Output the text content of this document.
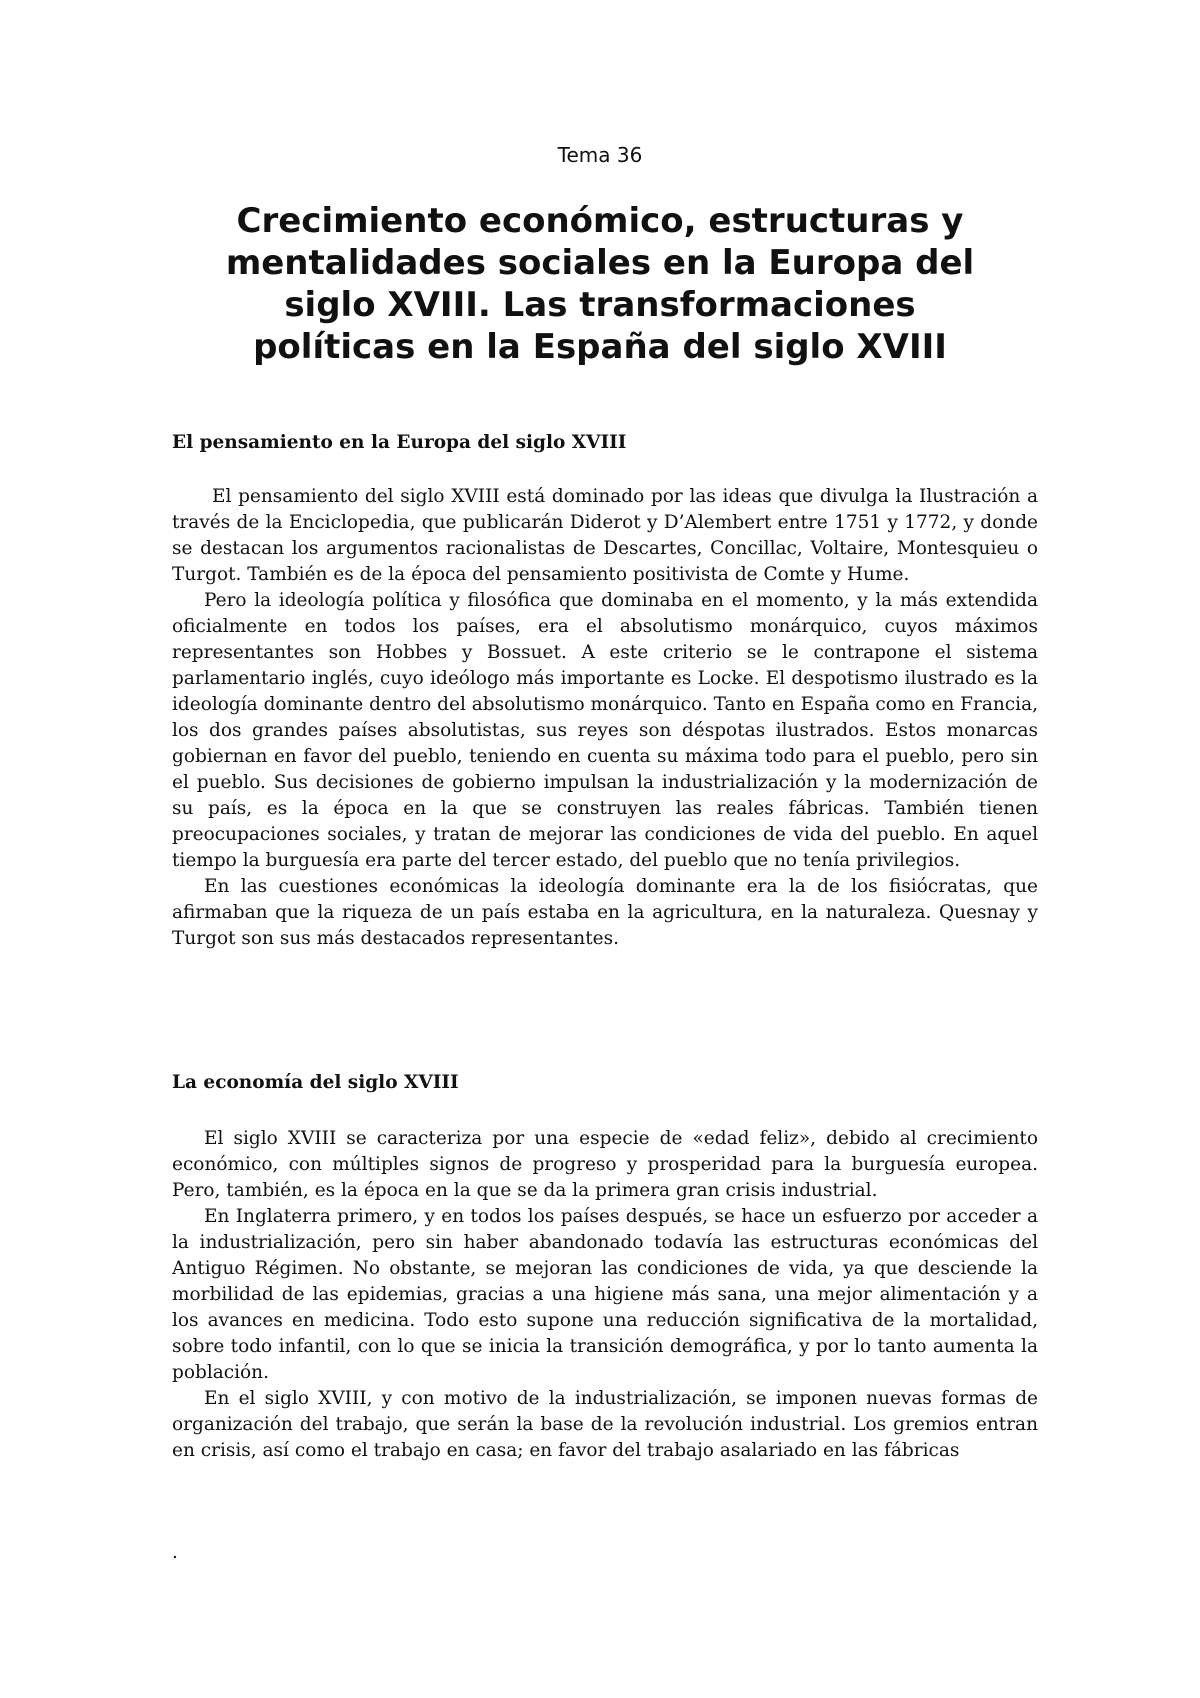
Tema 36

Crecimiento económico, estructuras y
mentalidades sociales en la Europa del
siglo XVIII. Las transformaciones
políticas en la España del siglo XVIII
El pensamiento en la Europa del siglo XVIII

El pensamiento del siglo XVIII está dominado por las ideas que divulga la Ilustración a través de la Enciclopedia, que publicarán Diderot y D’Alembert entre 1751 y 1772, y donde se destacan los argumentos racionalistas de Descartes, Concillac, Voltaire, Montesquieu o Turgot. También es de la época del pensamiento positivista de Comte y Hume.

Pero la ideología política y filosófica que dominaba en el momento, y la más extendida oficialmente en todos los países, era el absolutismo monárquico, cuyos máximos representantes son Hobbes y Bossuet. A este criterio se le contrapone el sistema parlamentario inglés, cuyo ideólogo más importante es Locke. El despotismo ilustrado es la ideología dominante dentro del absolutismo monárquico. Tanto en España como en Francia, los dos grandes países absolutistas, sus reyes son déspotas ilustrados. Estos monarcas gobiernan en favor del pueblo, teniendo en cuenta su máxima todo para el pueblo, pero sin el pueblo. Sus decisiones de gobierno impulsan la industrialización y la modernización de su país, es la época en la que se construyen las reales fábricas. También tienen preocupaciones sociales, y tratan de mejorar las condiciones de vida del pueblo. En aquel tiempo la burguesía era parte del tercer estado, del pueblo que no tenía privilegios.

En las cuestiones económicas la ideología dominante era la de los fisiócratas, que afirmaban que la riqueza de un país estaba en la agricultura, en la naturaleza. Quesnay y Turgot son sus más destacados representantes.

La economía del siglo XVIII

El siglo XVIII se caracteriza por una especie de «edad feliz», debido al crecimiento económico, con múltiples signos de progreso y prosperidad para la burguesía europea. Pero, también, es la época en la que se da la primera gran crisis industrial.

En Inglaterra primero, y en todos los países después, se hace un esfuerzo por acceder a la industrialización, pero sin haber abandonado todavía las estructuras económicas del Antiguo Régimen. No obstante, se mejoran las condiciones de vida, ya que desciende la morbilidad de las epidemias, gracias a una higiene más sana, una mejor alimentación y a los avances en medicina. Todo esto supone una reducción significativa de la mortalidad, sobre todo infantil, con lo que se inicia la transición demográfica, y por lo tanto aumenta la población.

En el siglo XVIII, y con motivo de la industrialización, se imponen nuevas formas de organización del trabajo, que serán la base de la revolución industrial. Los gremios entran en crisis, así como el trabajo en casa; en favor del trabajo asalariado en las fábricas

.
